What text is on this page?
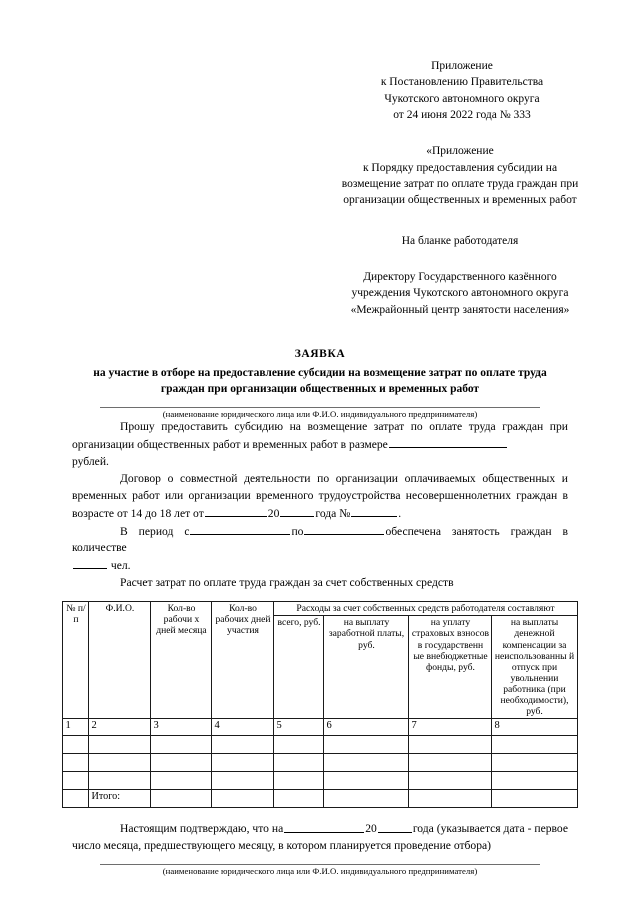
Приложение
к Постановлению Правительства
Чукотского автономного округа
от 24 июня 2022 года № 333
«Приложение
к Порядку предоставления субсидии на
возмещение затрат по оплате труда граждан при
организации общественных и временных работ
На бланке работодателя
Директору Государственного казённого
учреждения Чукотского автономного округа
«Межрайонный центр занятости населения»
ЗАЯВКА
на участие в отборе на предоставление субсидии на возмещение затрат по оплате труда граждан при организации общественных и временных работ
(наименование юридического лица или Ф.И.О. индивидуального предпринимателя)

Прошу предоставить субсидию на возмещение затрат по оплате труда граждан при организации общественных работ и временных работ в размере

рублей.

Договор о совместной деятельности по организации оплачиваемых общественных и временных работ или организации временного трудоустройства несовершеннолетних граждан в возрасте от 14 до 18 лет от	20	года №	.

В период с	по	обеспечена занятость граждан в количестве

чел.

Расчет затрат по оплате труда граждан за счет собственных средств

№ п/п	Ф.И.О.	Кол-во рабочи х дней месяца	Кол-во рабочих дней участия	Расходы за счет собственных средств работодателя составляют			
				всего, руб.	на выплату заработной платы, руб.	на уплату страховых взносов в государственн ые внебюджетные фонды, руб.	на выплаты денежной компенсации за неиспользованны й отпуск при увольнении работника (при необходимости), руб.
1	2	3	4	5	6	7	8

	Итого:						

Настоящим подтверждаю, что на	20	года (указывается дата - первое число месяца, предшествующего месяцу, в котором планируется проведение отбора)

(наименование юридического лица или Ф.И.О. индивидуального предпринимателя)
